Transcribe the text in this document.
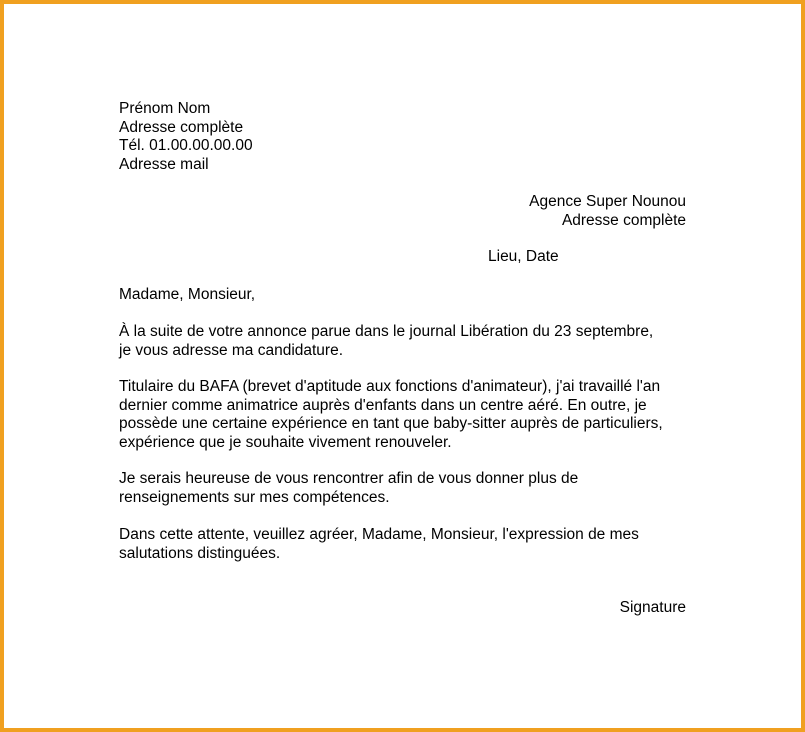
Prénom Nom
Adresse complète
Tél. 01.00.00.00.00
Adresse mail
Agence Super Nounou
Adresse complète
Lieu, Date
Madame, Monsieur,
À la suite de votre annonce parue dans le journal Libération du 23 septembre,
je vous adresse ma candidature.
Titulaire du BAFA (brevet d'aptitude aux fonctions d'animateur), j'ai travaillé l'an
dernier comme animatrice auprès d'enfants dans un centre aéré. En outre, je
possède une certaine expérience en tant que baby-sitter auprès de particuliers,
expérience que je souhaite vivement renouveler.
Je serais heureuse de vous rencontrer afin de vous donner plus de
renseignements sur mes compétences.
Dans cette attente, veuillez agréer, Madame, Monsieur, l'expression de mes
salutations distinguées.
Signature
